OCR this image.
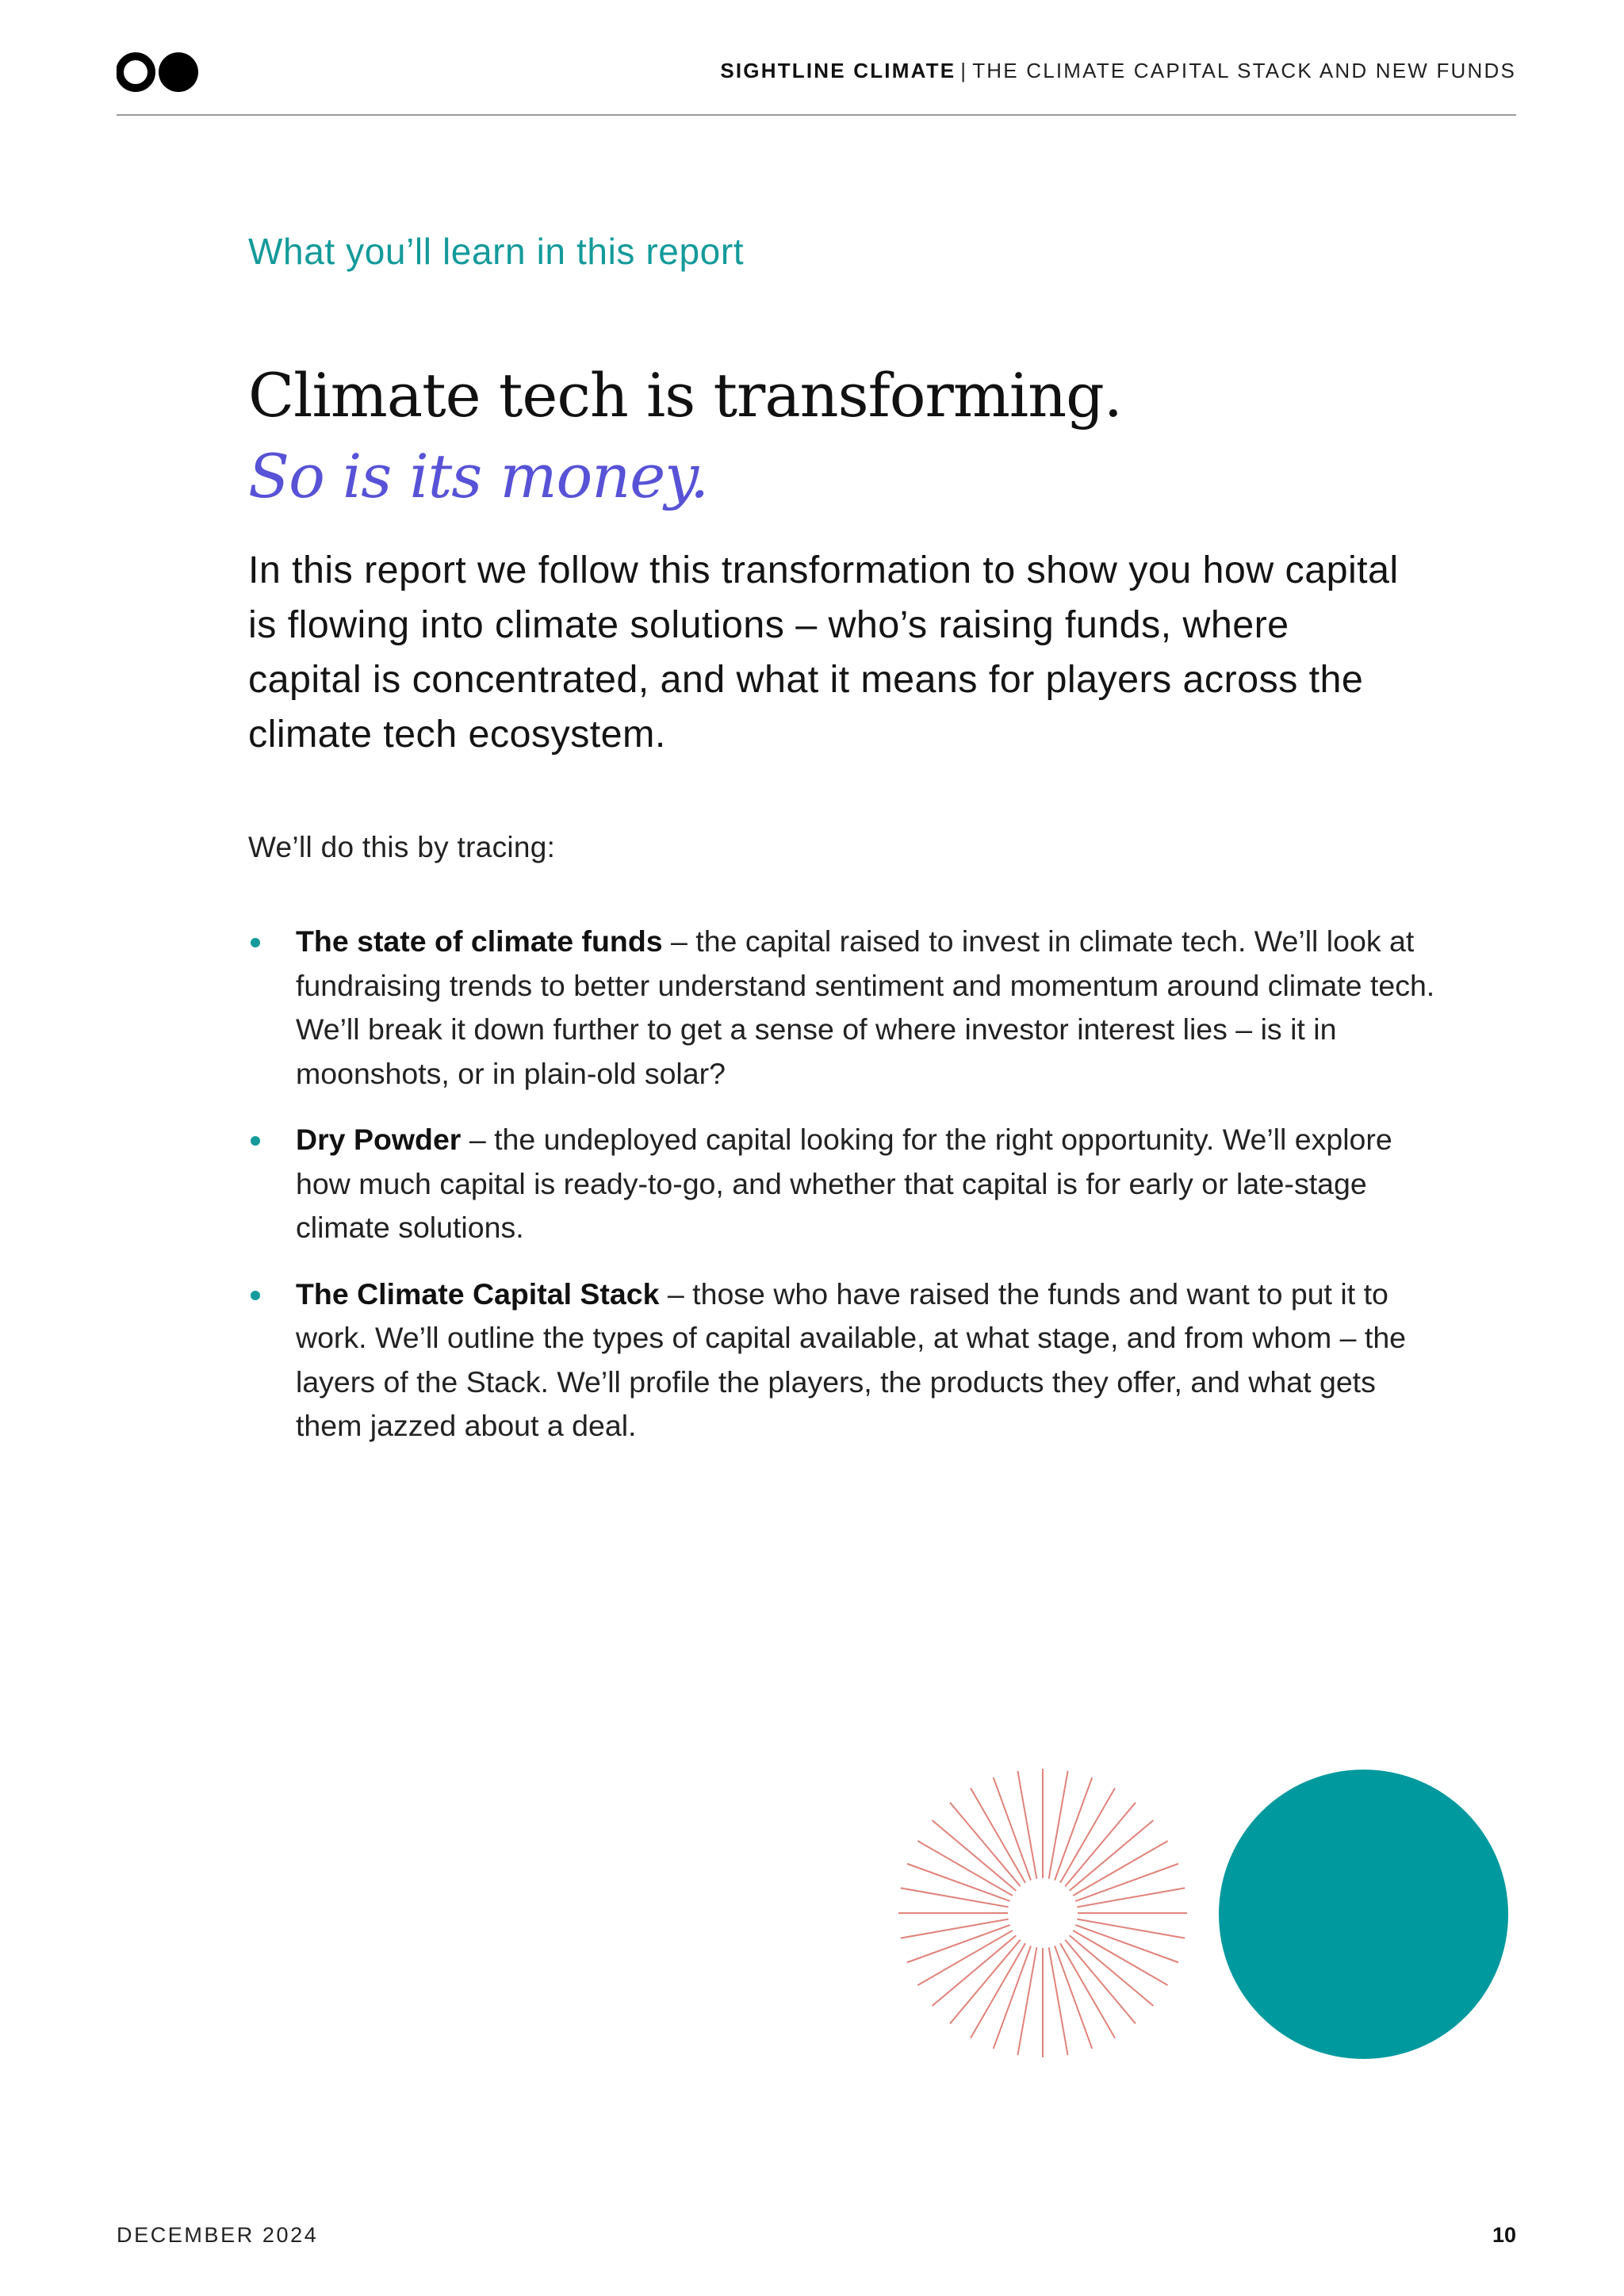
SIGHTLINE CLIMATE | THE CLIMATE CAPITAL STACK AND NEW FUNDS
What you’ll learn in this report
Climate tech is transforming.
So is its money.
In this report we follow this transformation to show you how capital is flowing into climate solutions – who’s raising funds, where capital is concentrated, and what it means for players across the climate tech ecosystem.
We’ll do this by tracing:
The state of climate funds – the capital raised to invest in climate tech. We’ll look at fundraising trends to better understand sentiment and momentum around climate tech. We’ll break it down further to get a sense of where investor interest lies – is it in moonshots, or in plain-old solar?
Dry Powder – the undeployed capital looking for the right opportunity. We’ll explore how much capital is ready-to-go, and whether that capital is for early or late-stage climate solutions.
The Climate Capital Stack – those who have raised the funds and want to put it to work. We’ll outline the types of capital available, at what stage, and from whom – the layers of the Stack. We’ll profile the players, the products they offer, and what gets them jazzed about a deal.
DECEMBER 2024	10
